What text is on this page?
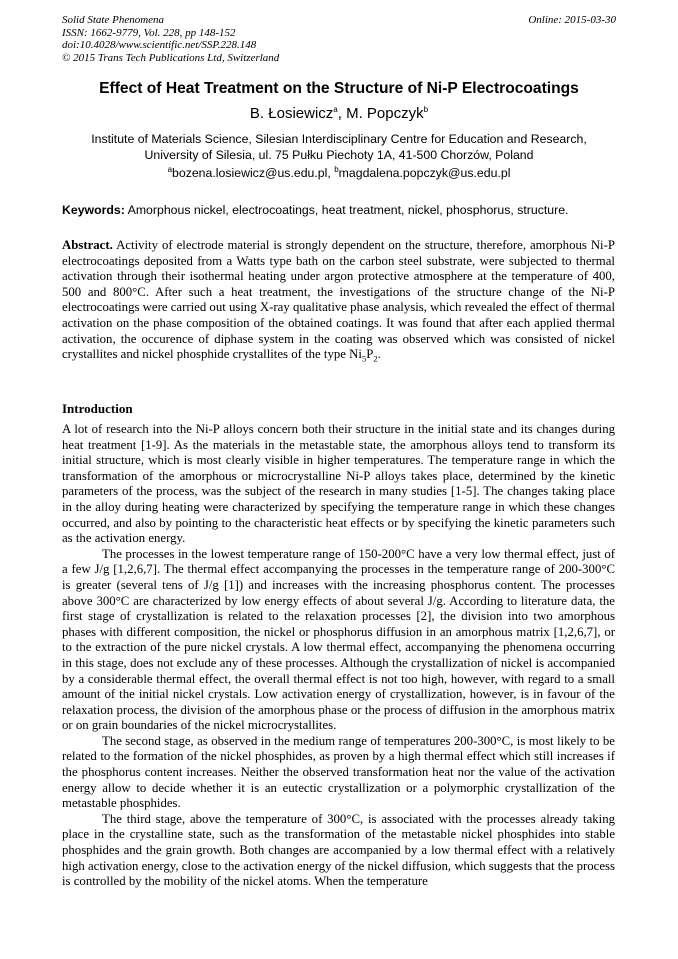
Solid State Phenomena
ISSN: 1662-9779, Vol. 228, pp 148-152
doi:10.4028/www.scientific.net/SSP.228.148
© 2015 Trans Tech Publications Ltd, Switzerland
Online: 2015-03-30
Effect of Heat Treatment on the Structure of Ni-P Electrocoatings
B. Łosiewicz$^a$, M. Popczyk$^b$
Institute of Materials Science, Silesian Interdisciplinary Centre for Education and Research,
University of Silesia, ul. 75 Pułku Piechoty 1A, 41-500 Chorzów, Poland
$^a$bozena.losiewicz@us.edu.pl, $^b$magdalena.popczyk@us.edu.pl
Keywords: Amorphous nickel, electrocoatings, heat treatment, nickel, phosphorus, structure.
Abstract. Activity of electrode material is strongly dependent on the structure, therefore, amorphous Ni-P electrocoatings deposited from a Watts type bath on the carbon steel substrate, were subjected to thermal activation through their isothermal heating under argon protective atmosphere at the temperature of 400, 500 and 800°C. After such a heat treatment, the investigations of the structure change of the Ni-P electrocoatings were carried out using X-ray qualitative phase analysis, which revealed the effect of thermal activation on the phase composition of the obtained coatings. It was found that after each applied thermal activation, the occurence of diphase system in the coating was observed which was consisted of nickel crystallites and nickel phosphide crystallites of the type $Ni_5P_2$.
Introduction

A lot of research into the Ni-P alloys concern both their structure in the initial state and its changes during heat treatment [1-9]. As the materials in the metastable state, the amorphous alloys tend to transform its initial structure, which is most clearly visible in higher temperatures. The temperature range in which the transformation of the amorphous or microcrystalline Ni-P alloys takes place, determined by the kinetic parameters of the process, was the subject of the research in many studies [1-5]. The changes taking place in the alloy during heating were characterized by specifying the temperature range in which these changes occurred, and also by pointing to the characteristic heat effects or by specifying the kinetic parameters such as the activation energy.

The processes in the lowest temperature range of 150-200°C have a very low thermal effect, just of a few J/g [1,2,6,7]. The thermal effect accompanying the processes in the temperature range of 200-300°C is greater (several tens of J/g [1]) and increases with the increasing phosphorus content. The processes above 300°C are characterized by low energy effects of about several J/g. According to literature data, the first stage of crystallization is related to the relaxation processes [2], the division into two amorphous phases with different composition, the nickel or phosphorus diffusion in an amorphous matrix [1,2,6,7], or to the extraction of the pure nickel crystals. A low thermal effect, accompanying the phenomena occurring in this stage, does not exclude any of these processes. Although the crystallization of nickel is accompanied by a considerable thermal effect, the overall thermal effect is not too high, however, with regard to a small amount of the initial nickel crystals. Low activation energy of crystallization, however, is in favour of the relaxation process, the division of the amorphous phase or the process of diffusion in the amorphous matrix or on grain boundaries of the nickel microcrystallites.

The second stage, as observed in the medium range of temperatures 200-300°C, is most likely to be related to the formation of the nickel phosphides, as proven by a high thermal effect which still increases if the phosphorus content increases. Neither the observed transformation heat nor the value of the activation energy allow to decide whether it is an eutectic crystallization or a polymorphic crystallization of the metastable phosphides.

The third stage, above the temperature of 300°C, is associated with the processes already taking place in the crystalline state, such as the transformation of the metastable nickel phosphides into stable phosphides and the grain growth. Both changes are accompanied by a low thermal effect with a relatively high activation energy, close to the activation energy of the nickel diffusion, which suggests that the process is controlled by the mobility of the nickel atoms. When the temperature
